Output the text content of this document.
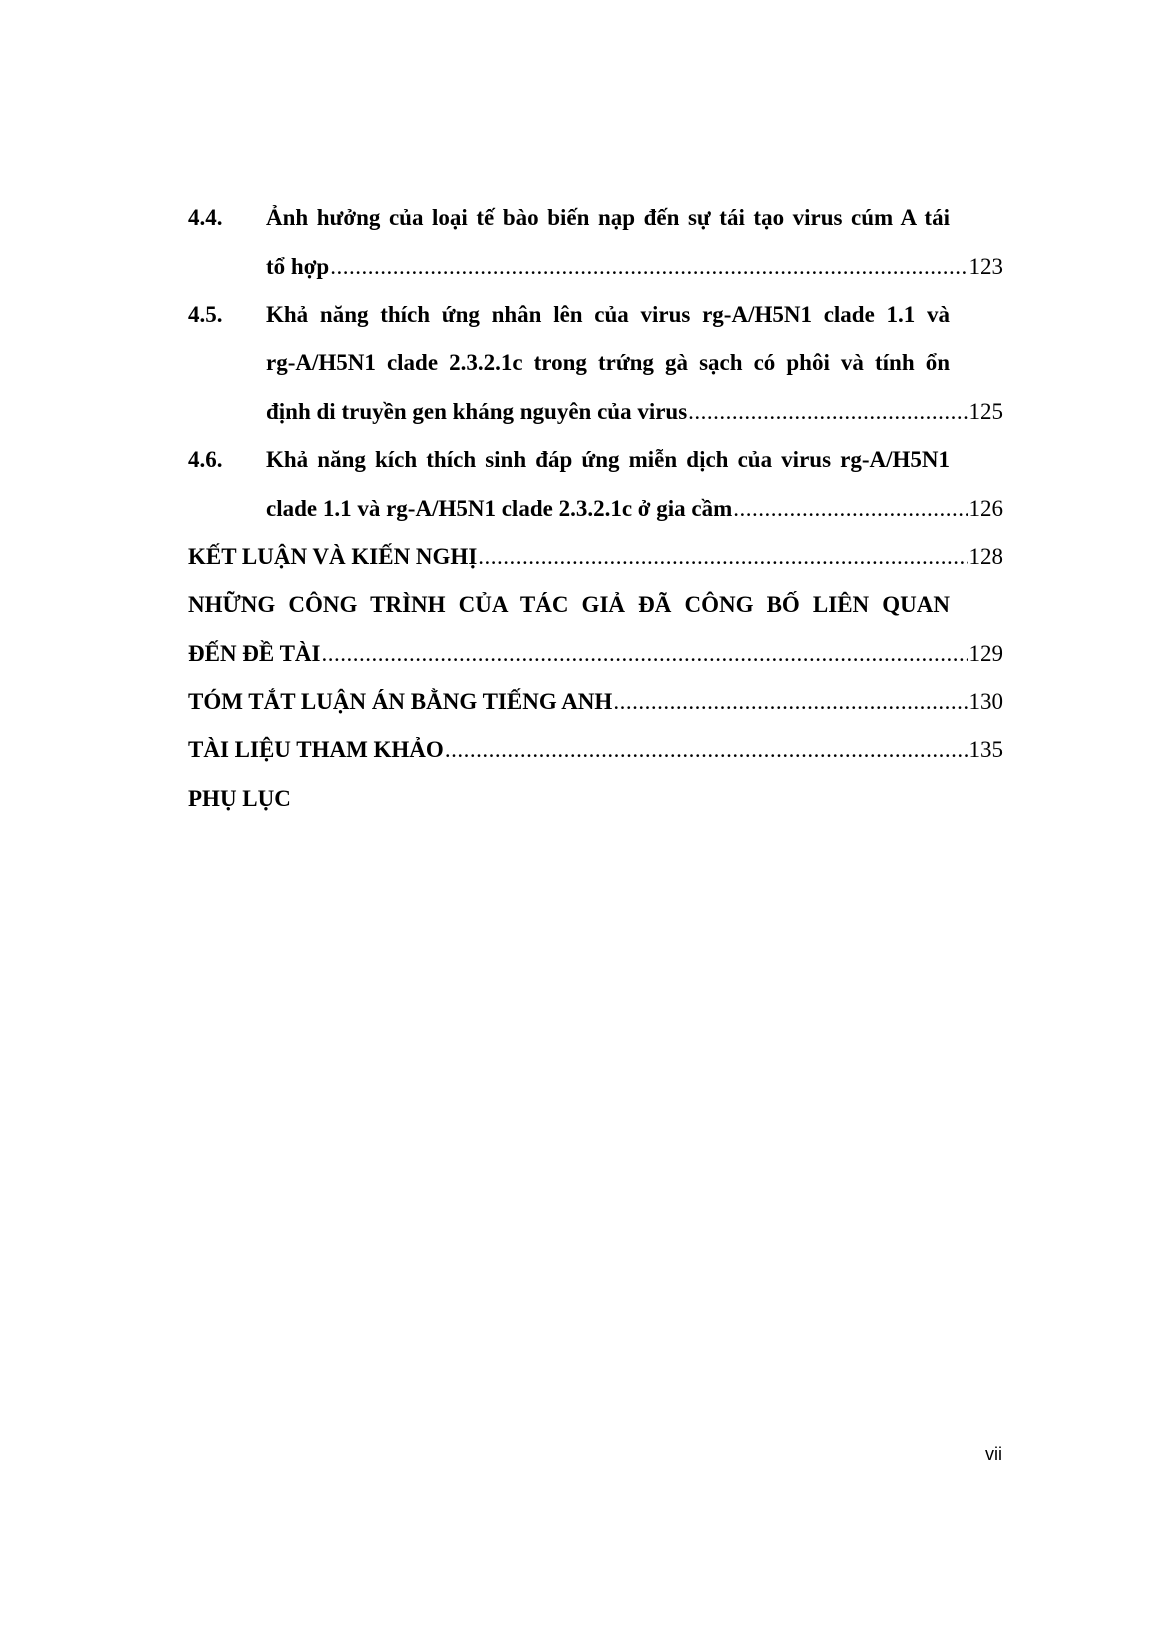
4.4. Ảnh hưởng của loại tế bào biến nạp đến sự tái tạo virus cúm A tái
tổ hợp .....	123
4.5. Khả năng thích ứng nhân lên của virus rg-A/H5N1 clade 1.1 và
rg-A/H5N1 clade 2.3.2.1c trong trứng gà sạch có phôi và tính ổn
định di truyền gen kháng nguyên của virus .....	125
4.6. Khả năng kích thích sinh đáp ứng miễn dịch của virus rg-A/H5N1
clade 1.1 và rg-A/H5N1 clade 2.3.2.1c ở gia cầm .....	126
KẾT LUẬN VÀ KIẾN NGHỊ .....	128
NHỮNG CÔNG TRÌNH CỦA TÁC GIẢ ĐÃ CÔNG BỐ LIÊN QUAN
ĐẾN ĐỀ TÀI .....	129
TÓM TẮT LUẬN ÁN BẰNG TIẾNG ANH .....	130
TÀI LIỆU THAM KHẢO .....	135
PHỤ LỤC
vii
